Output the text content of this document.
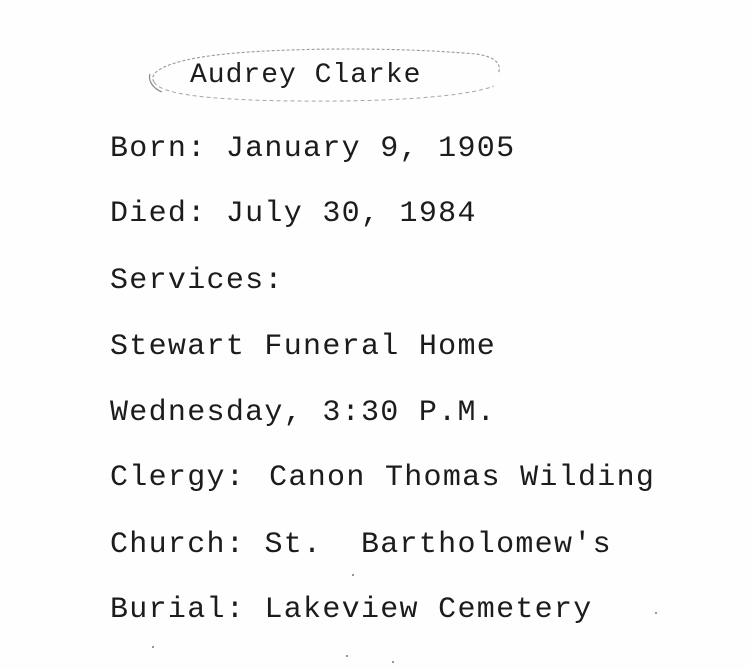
Audrey Clarke
Born: January 9, 1905
Died: July 30, 1984
Services:
Stewart Funeral Home
Wednesday, 3:30 P.M.
Clergy: Canon Thomas Wilding
Church: St.  Bartholomew's
Burial: Lakeview Cemetery
